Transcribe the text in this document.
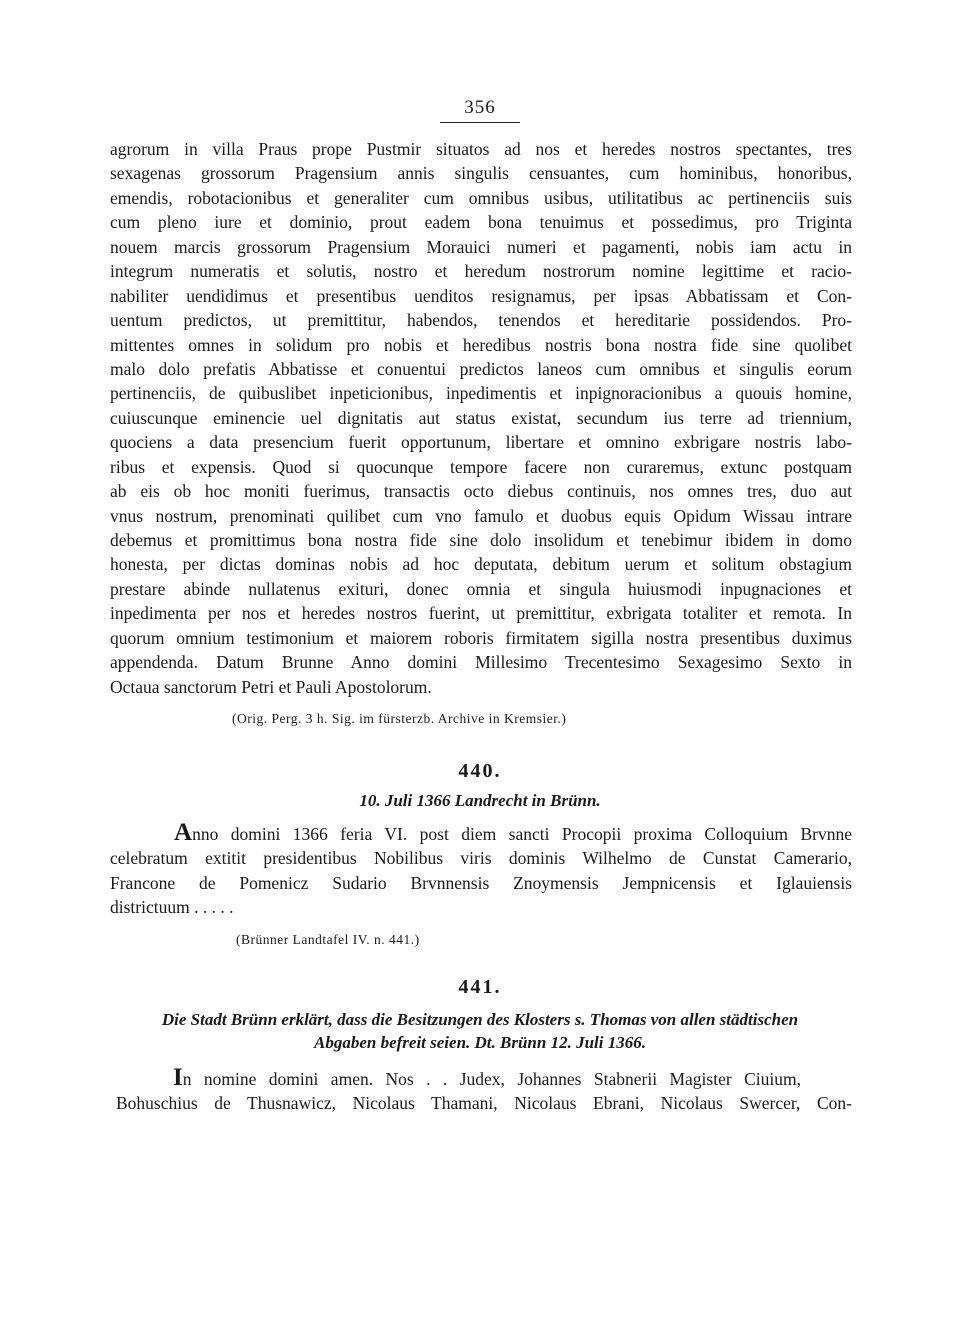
356
agrorum in villa Praus prope Pustmir situatos ad nos et heredes nostros spectantes, tres
sexagenas grossorum Pragensium annis singulis censuantes, cum hominibus, honoribus,
emendis, robotacionibus et generaliter cum omnibus usibus, utilitatibus ac pertinenciis suis
cum pleno iure et dominio, prout eadem bona tenuimus et possedimus, pro Triginta
nouem marcis grossorum Pragensium Morauici numeri et pagamenti, nobis iam actu in
integrum numeratis et solutis, nostro et heredum nostrorum nomine legittime et racio-
nabiliter uendidimus et presentibus uenditos resignamus, per ipsas Abbatissam et Con-
uentum predictos, ut premittitur, habendos, tenendos et hereditarie possidendos. Pro-
mittentes omnes in solidum pro nobis et heredibus nostris bona nostra fide sine quolibet
malo dolo prefatis Abbatisse et conuentui predictos laneos cum omnibus et singulis eorum
pertinenciis, de quibuslibet inpeticionibus, inpedimentis et inpignoracionibus a quouis homine,
cuiuscunque eminencie uel dignitatis aut status existat, secundum ius terre ad triennium,
quociens a data presencium fuerit opportunum, libertare et omnino exbrigare nostris labo-
ribus et expensis. Quod si quocunque tempore facere non curaremus, extunc postquam
ab eis ob hoc moniti fuerimus, transactis octo diebus continuis, nos omnes tres, duo aut
vnus nostrum, prenominati quilibet cum vno famulo et duobus equis Opidum Wissau intrare
debemus et promittimus bona nostra fide sine dolo insolidum et tenebimur ibidem in domo
honesta, per dictas dominas nobis ad hoc deputata, debitum uerum et solitum obstagium
prestare abinde nullatenus exituri, donec omnia et singula huiusmodi inpugnaciones et
inpedimenta per nos et heredes nostros fuerint, ut premittitur, exbrigata totaliter et remota. In
quorum omnium testimonium et maiorem roboris firmitatem sigilla nostra presentibus duximus
appendenda. Datum Brunne Anno domini Millesimo Trecentesimo Sexagesimo Sexto in
Octaua sanctorum Petri et Pauli Apostolorum.
(Orig. Perg. 3 h. Sig. im fürsterzb. Archive in Kremsier.)
440.
10. Juli 1366 Landrecht in Brünn.
Anno domini 1366 feria VI. post diem sancti Procopii proxima Colloquium Brvnne
celebratum extitit presidentibus Nobilibus viris dominis Wilhelmo de Cunstat Camerario,
Francone de Pomenicz Sudario Brvnnensis Znoymensis Jempnicensis et Iglauiensis
districtuum . . . . .
(Brünner Landtafel IV. n. 441.)
441.
Die Stadt Brünn erklärt, dass die Besitzungen des Klosters s. Thomas von allen städtischen
Abgaben befreit seien. Dt. Brünn 12. Juli 1366.
In nomine domini amen. Nos . . Judex, Johannes Stabnerii Magister Ciuium,
Bohuschius de Thusnawicz, Nicolaus Thamani, Nicolaus Ebrani, Nicolaus Swercer, Con-
